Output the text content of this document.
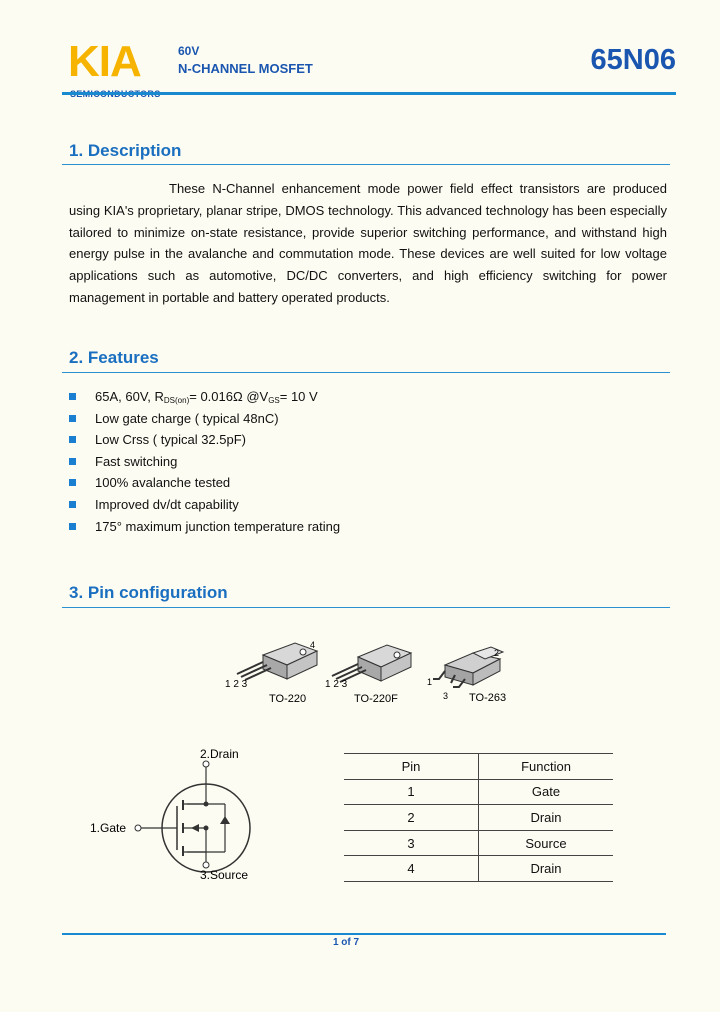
KIA	60V
N-CHANNEL MOSFET	65N06
1. Description
These N-Channel enhancement mode power field effect transistors are produced using KIA's proprietary, planar stripe, DMOS technology. This advanced technology has been especially tailored to minimize on-state resistance, provide superior switching performance, and withstand high energy pulse in the avalanche and commutation mode. These devices are well suited for low voltage applications such as automotive, DC/DC converters, and high efficiency switching for power management in portable and battery operated products.
2. Features
65A, 60V, $R_{DS(on)}= 0.016\Omega$ $@V_{GS}= 10$ V
Low gate charge ( typical 48nC)
Low Crss ( typical 32.5pF)
Fast switching
100% avalanche tested
Improved dv/dt capability
175° maximum junction temperature rating
3. Pin configuration
4
1 2 3
TO-220
1 2 3
TO-220F
2
1
3 TO-263
2.Drain
1.Gate
3.Source
Pin	Function
1	Gate
2	Drain
3	Source
4	Drain
1 of 7
